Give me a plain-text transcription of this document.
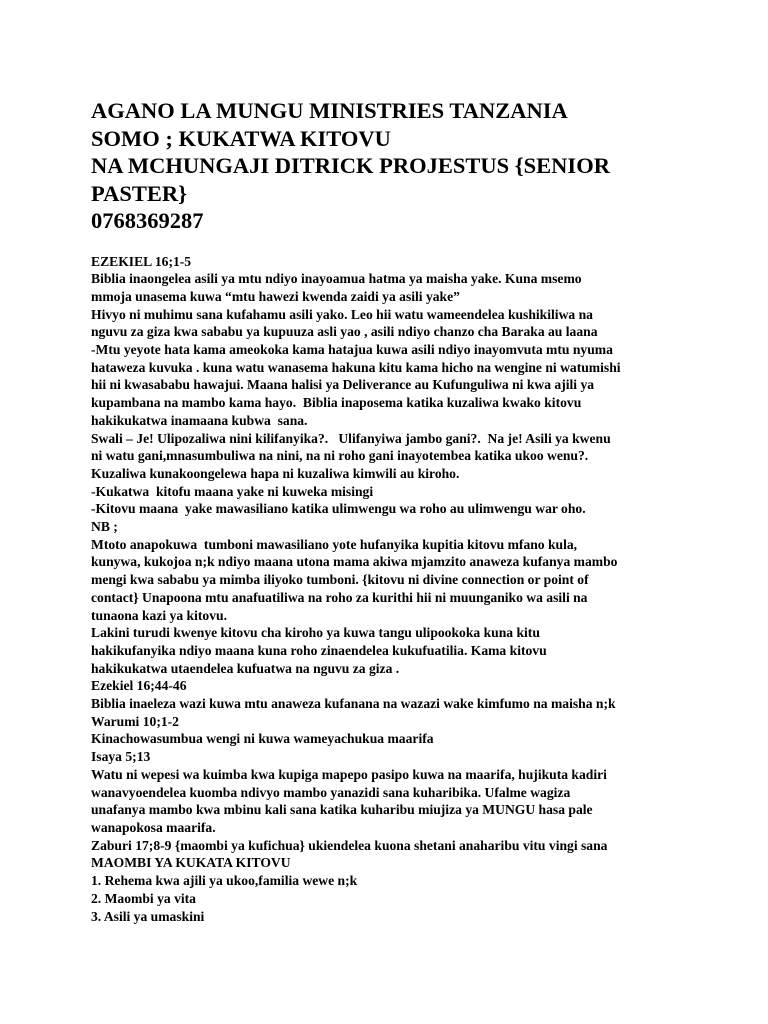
AGANO LA MUNGU MINISTRIES TANZANIA

SOMO ; KUKATWA KITOVU

NA MCHUNGAJI DITRICK PROJESTUS {SENIOR

PASTER}

0768369287

EZEKIEL 16;1-5
Biblia inaongelea asili ya mtu ndiyo inayoamua hatma ya maisha yake. Kuna msemo
mmoja unasema kuwa “mtu hawezi kwenda zaidi ya asili yake”
Hivyo ni muhimu sana kufahamu asili yako. Leo hii watu wameendelea kushikiliwa na
nguvu za giza kwa sababu ya kupuuza asli yao , asili ndiyo chanzo cha Baraka au laana
-Mtu yeyote hata kama ameokoka kama hatajua kuwa asili ndiyo inayomvuta mtu nyuma
hataweza kuvuka . kuna watu wanasema hakuna kitu kama hicho na wengine ni watumishi
hii ni kwasababu hawajui. Maana halisi ya Deliverance au Kufunguliwa ni kwa ajili ya
kupambana na mambo kama hayo.  Biblia inaposema katika kuzaliwa kwako kitovu
hakikukatwa inamaana kubwa  sana.
Swali – Je! Ulipozaliwa nini kilifanyika?.   Ulifanyiwa jambo gani?.  Na je! Asili ya kwenu
ni watu gani,mnasumbuliwa na nini, na ni roho gani inayotembea katika ukoo wenu?.
Kuzaliwa kunakoongelewa hapa ni kuzaliwa kimwili au kiroho.
-Kukatwa  kitofu maana yake ni kuweka misingi
-Kitovu maana  yake mawasiliano katika ulimwengu wa roho au ulimwengu war oho.
NB ;
Mtoto anapokuwa  tumboni mawasiliano yote hufanyika kupitia kitovu mfano kula,
kunywa, kukojoa n;k ndiyo maana utona mama akiwa mjamzito anaweza kufanya mambo
mengi kwa sababu ya mimba iliyoko tumboni. {kitovu ni divine connection or point of
contact} Unapoona mtu anafuatiliwa na roho za kurithi hii ni muunganiko wa asili na
tunaona kazi ya kitovu.
Lakini turudi kwenye kitovu cha kiroho ya kuwa tangu ulipookoka kuna kitu
hakikufanyika ndiyo maana kuna roho zinaendelea kukufuatilia. Kama kitovu
hakikukatwa utaendelea kufuatwa na nguvu za giza .
Ezekiel 16;44-46
Biblia inaeleza wazi kuwa mtu anaweza kufanana na wazazi wake kimfumo na maisha n;k
Warumi 10;1-2
Kinachowasumbua wengi ni kuwa wameyachukua maarifa
Isaya 5;13
Watu ni wepesi wa kuimba kwa kupiga mapepo pasipo kuwa na maarifa, hujikuta kadiri
wanavyoendelea kuomba ndivyo mambo yanazidi sana kuharibika. Ufalme wagiza
unafanya mambo kwa mbinu kali sana katika kuharibu miujiza ya MUNGU hasa pale
wanapokosa maarifa.
Zaburi 17;8-9 {maombi ya kufichua} ukiendelea kuona shetani anaharibu vitu vingi sana
MAOMBI YA KUKATA KITOVU
1. Rehema kwa ajili ya ukoo,familia wewe n;k
2. Maombi ya vita
3. Asili ya umaskini
